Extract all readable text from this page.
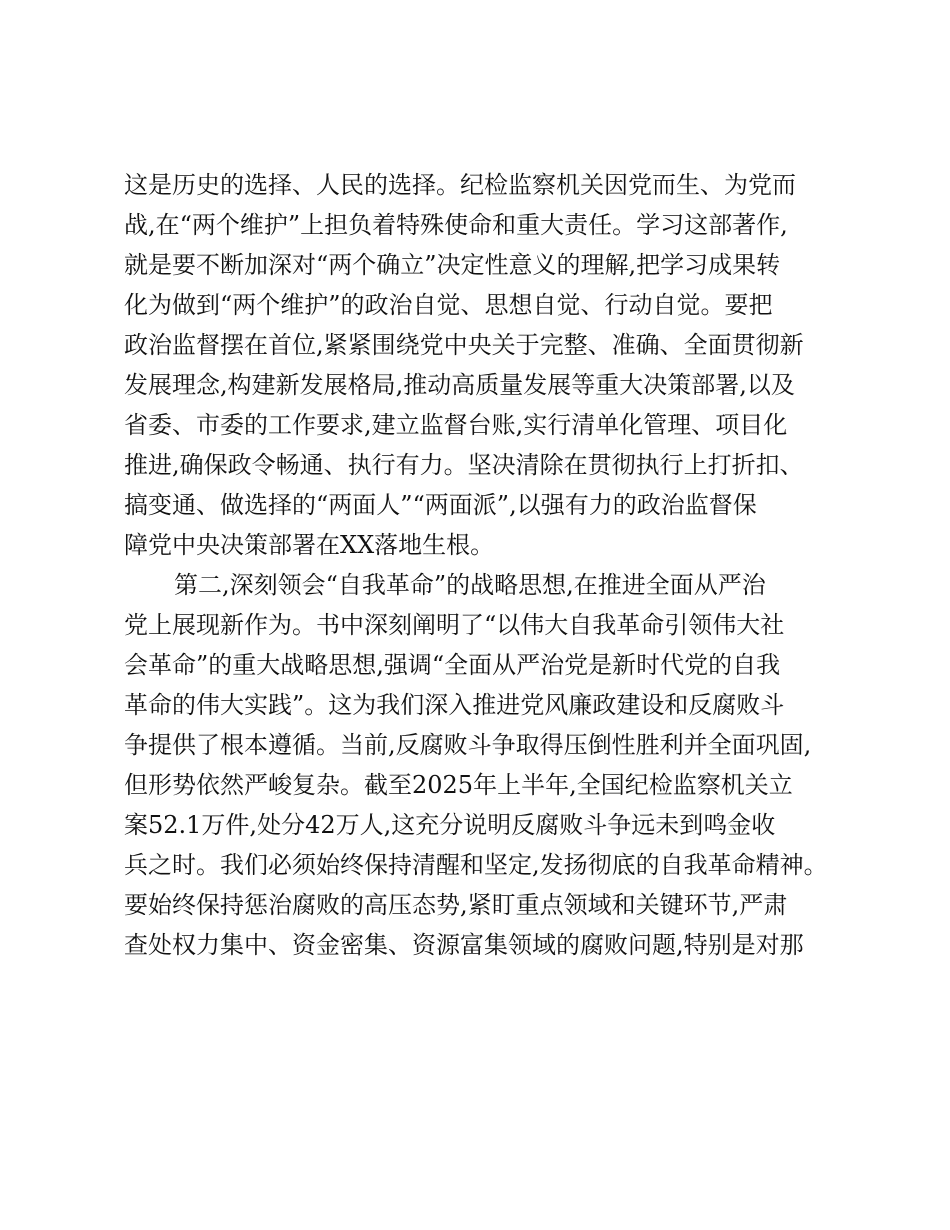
这是历史的选择、人民的选择。纪检监察机关因党而生、为党而
战,在“两个维护”上担负着特殊使命和重大责任。学习这部著作,
就是要不断加深对“两个确立”决定性意义的理解,把学习成果转
化为做到“两个维护”的政治自觉、思想自觉、行动自觉。要把
政治监督摆在首位,紧紧围绕党中央关于完整、准确、全面贯彻新
发展理念,构建新发展格局,推动高质量发展等重大决策部署,以及
省委、市委的工作要求,建立监督台账,实行清单化管理、项目化
推进,确保政令畅通、执行有力。坚决清除在贯彻执行上打折扣、
搞变通、做选择的“两面人”“两面派”,以强有力的政治监督保
障党中央决策部署在XX落地生根。
第二,深刻领会“自我革命”的战略思想,在推进全面从严治
党上展现新作为。书中深刻阐明了“以伟大自我革命引领伟大社
会革命”的重大战略思想,强调“全面从严治党是新时代党的自我
革命的伟大实践”。这为我们深入推进党风廉政建设和反腐败斗
争提供了根本遵循。当前,反腐败斗争取得压倒性胜利并全面巩固,
但形势依然严峻复杂。截至2025年上半年,全国纪检监察机关立
案52.1万件,处分42万人,这充分说明反腐败斗争远未到鸣金收
兵之时。我们必须始终保持清醒和坚定,发扬彻底的自我革命精神。
要始终保持惩治腐败的高压态势,紧盯重点领域和关键环节,严肃
查处权力集中、资金密集、资源富集领域的腐败问题,特别是对那
